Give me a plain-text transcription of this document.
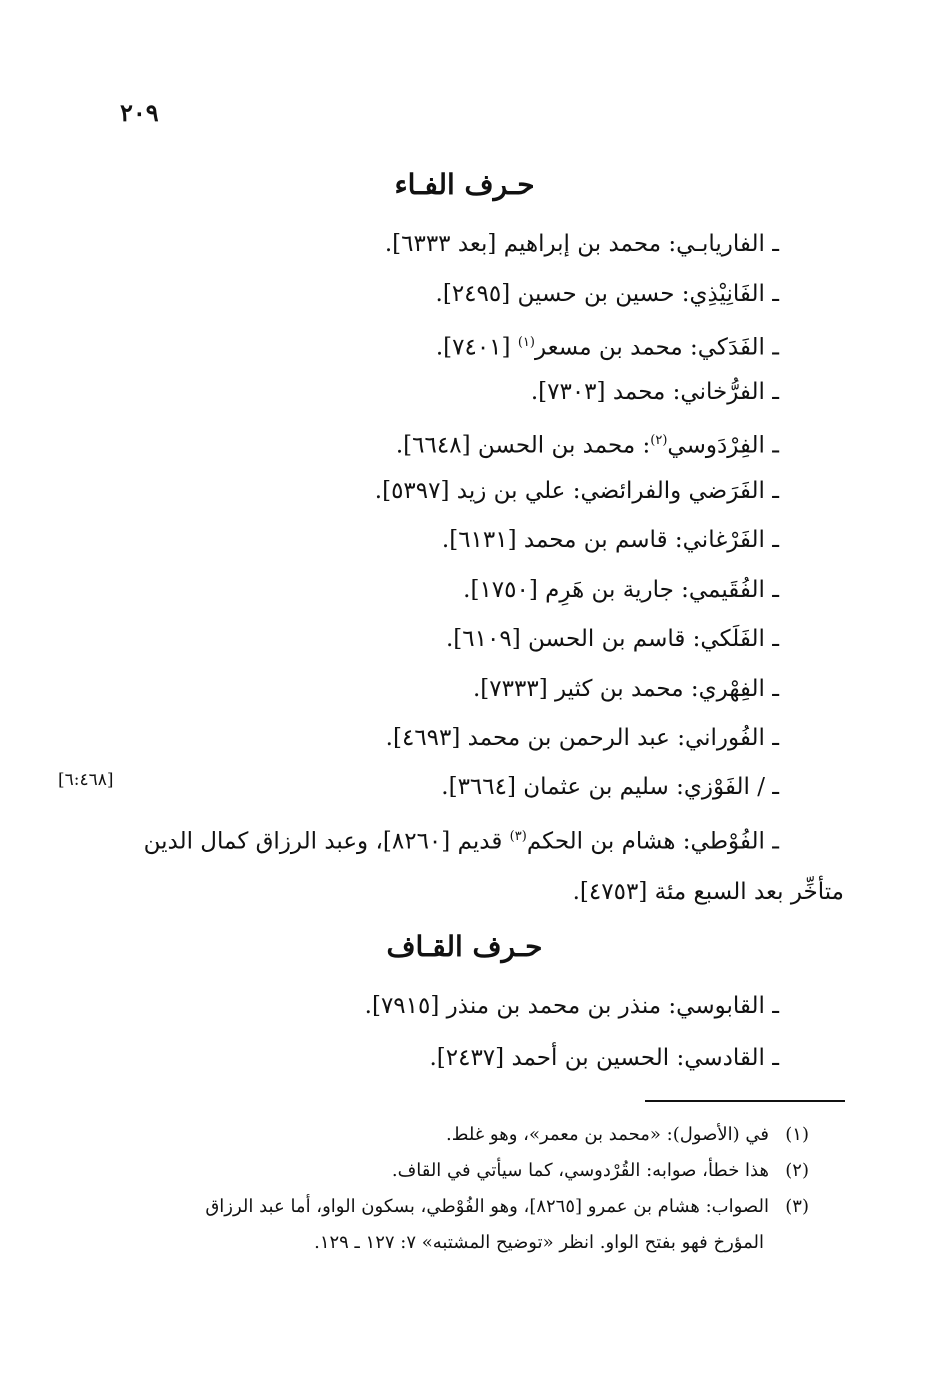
٢٠٩
حـرف الفـاء
ـ الفاريابـي: محمد بن إبراهيم [بعد ٦٣٣٣].
ـ الفَانِيْذِي: حسين بن حسين [٢٤٩٥].
ـ الفَدَكي: محمد بن مسعر$^{(١)}$ [٧٤٠١].
ـ الفرُّخاني: محمد [٧٣٠٣].
ـ الفِرْدَوسي$^{(٢)}$: محمد بن الحسن [٦٦٤٨].
ـ الفَرَضي والفرائضي: علي بن زيد [٥٣٩٧].
ـ الفَرْغاني: قاسم بن محمد [٦١٣١].
ـ الفُقَيمي: جارية بن هَرِم [١٧٥٠].
ـ الفَلَكي: قاسم بن الحسن [٦١٠٩].
ـ الفِهْري: محمد بن كثير [٧٣٣٣].
ـ الفُوراني: عبد الرحمن بن محمد [٤٦٩٣].
ـ / الفَوْزي: سليم بن عثمان [٣٦٦٤].
[٦:٤٦٨]
ـ الفُوْطي: هشام بن الحكم$^{(٣)}$ قديم [٨٢٦٠]، وعبد الرزاق كمال الدين
متأخِّر بعد السبع مئة [٤٧٥٣].
حـرف القـاف
ـ القابوسي: منذر بن محمد بن منذر [٧٩١٥].
ـ القادسي: الحسين بن أحمد [٢٤٣٧].
(١)في (الأصول): «محمد بن معمر»، وهو غلط.
(٢)هذا خطأ، صوابه: القُرْدوسي، كما سيأتي في القاف.
(٣)الصواب: هشام بن عمرو [٨٢٦٥]، وهو الفُوْطي، بسكون الواو، أما عبد الرزاق
المؤرخ فهو بفتح الواو. انظر «توضيح المشتبه» ٧: ١٢٧ ـ ١٢٩.
